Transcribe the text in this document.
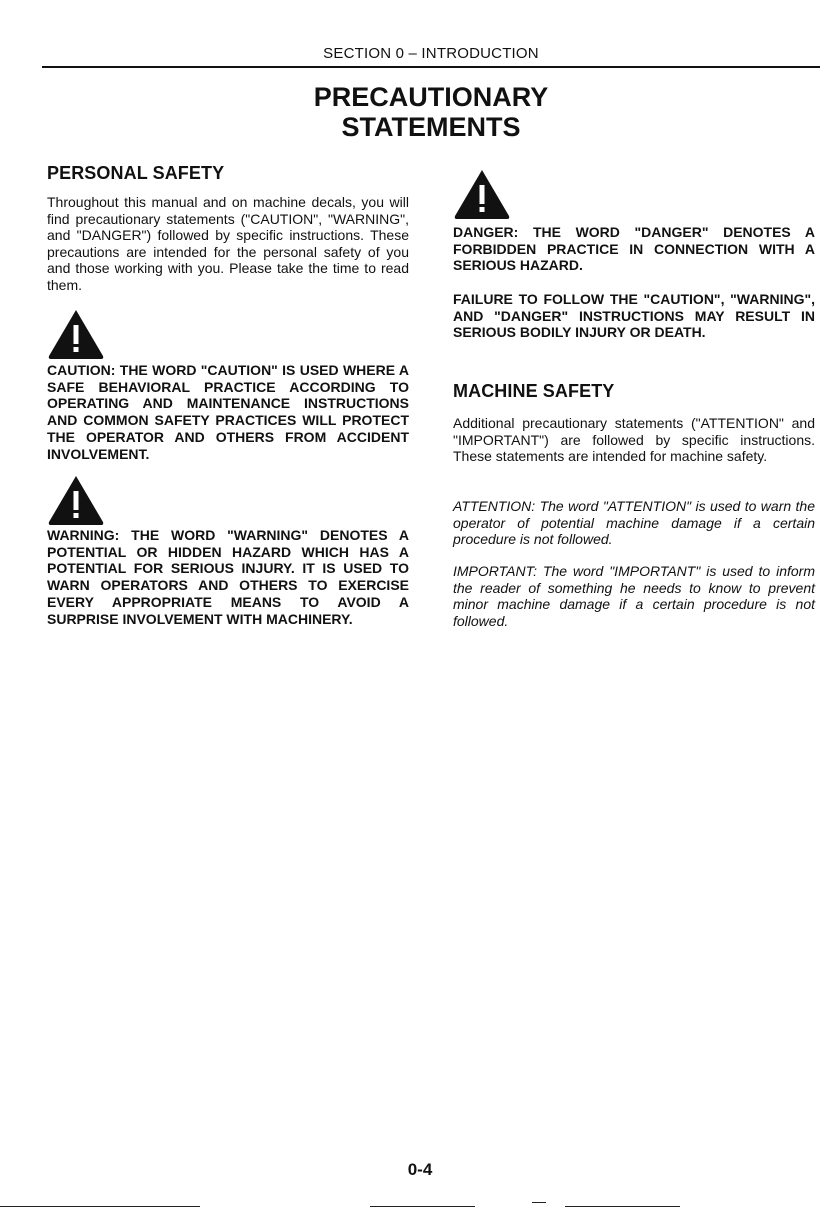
SECTION 0 – INTRODUCTION
PRECAUTIONARY
STATEMENTS
PERSONAL SAFETY
Throughout this manual and on machine decals, you will find precautionary statements ("CAUTION", "WARNING", and "DANGER") followed by specific instructions. These precautions are intended for the personal safety of you and those working with you. Please take the time to read them.
CAUTION: THE WORD "CAUTION" IS USED WHERE A SAFE BEHAVIORAL PRACTICE ACCORDING TO OPERATING AND MAINTENANCE INSTRUCTIONS AND COMMON SAFETY PRACTICES WILL PROTECT THE OPERATOR AND OTHERS FROM ACCIDENT INVOLVEMENT.
WARNING: THE WORD "WARNING" DENOTES A POTENTIAL OR HIDDEN HAZARD WHICH HAS A POTENTIAL FOR SERIOUS INJURY. IT IS USED TO WARN OPERATORS AND OTHERS TO EXERCISE EVERY APPROPRIATE MEANS TO AVOID A SURPRISE INVOLVEMENT WITH MACHINERY.
DANGER: THE WORD "DANGER" DENOTES A FORBIDDEN PRACTICE IN CONNECTION WITH A SERIOUS HAZARD.
FAILURE TO FOLLOW THE "CAUTION", "WARNING", AND "DANGER" INSTRUCTIONS MAY RESULT IN SERIOUS BODILY INJURY OR DEATH.
MACHINE SAFETY
Additional precautionary statements ("ATTENTION" and "IMPORTANT") are followed by specific instructions. These statements are intended for machine safety.
ATTENTION: The word "ATTENTION" is used to warn the operator of potential machine damage if a certain procedure is not followed.
IMPORTANT: The word "IMPORTANT" is used to inform the reader of something he needs to know to prevent minor machine damage if a certain procedure is not followed.
0-4
